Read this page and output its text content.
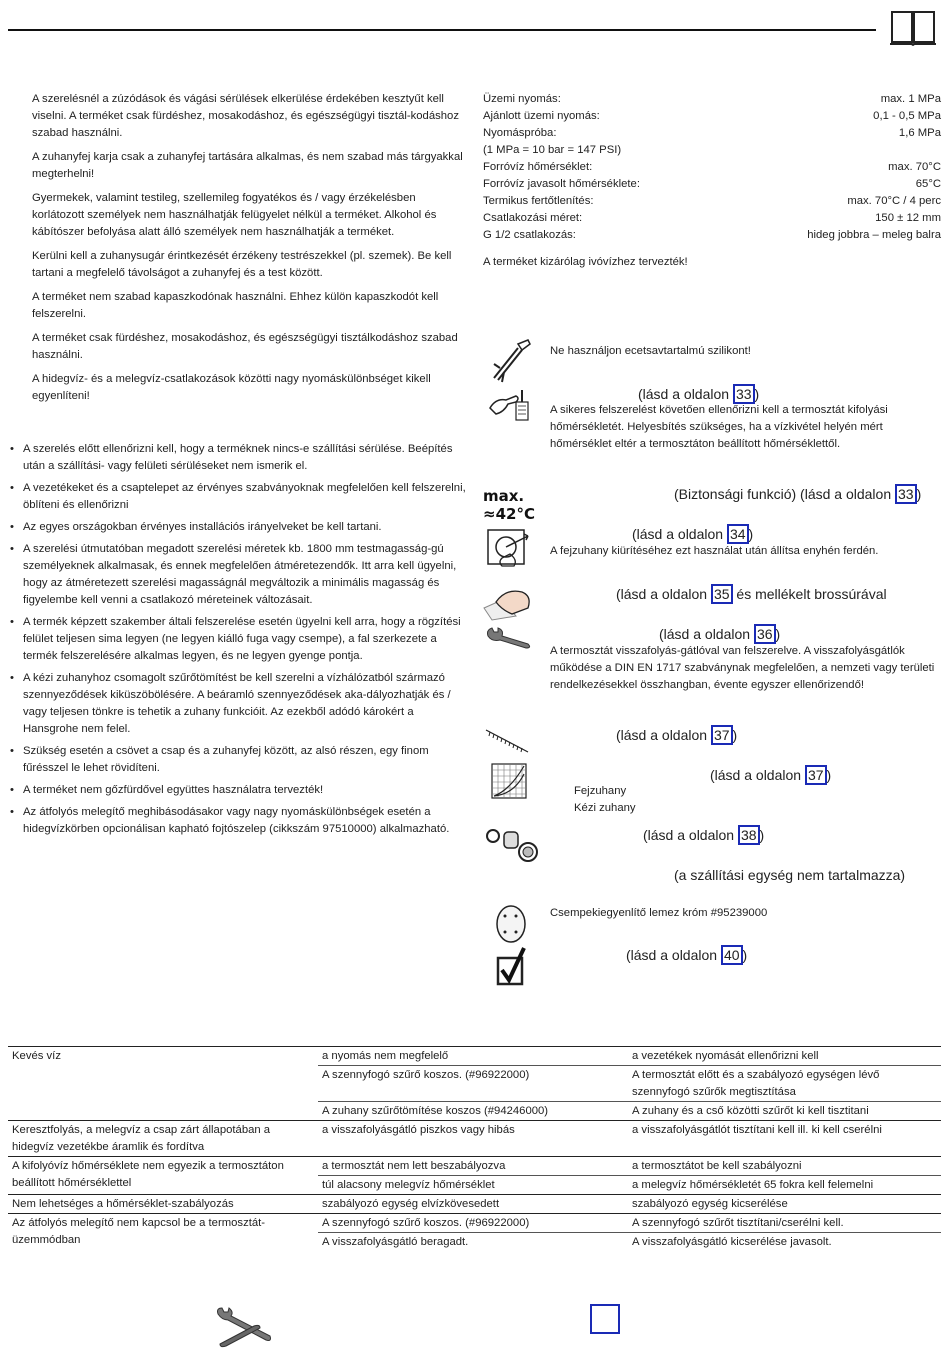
A szerelésnél a zúzódások és vágási sérülések elkerülése érdekében kesztyűt kell viselni. A terméket csak fürdéshez, mosakodáshoz, és egészségügyi tisztál-kodáshoz szabad használni.

A zuhanyfej karja csak a zuhanyfej tartására alkalmas, és nem szabad más tárgyakkal megterhelni!

Gyermekek, valamint testileg, szellemileg fogyatékos és / vagy érzékelésben korlátozott személyek nem használhatják felügyelet nélkül a terméket. Alkohol és kábítószer befolyása alatt álló személyek nem használhatják a terméket.

Kerülni kell a zuhanysugár érintkezését érzékeny testrészekkel (pl. szemek). Be kell tartani a megfelelő távolságot a zuhanyfej és a test között.

A terméket nem szabad kapaszkodónak használni. Ehhez külön kapaszkodót kell felszerelni.

A terméket csak fürdéshez, mosakodáshoz, és egészségügyi tisztálkodáshoz szabad használni.

A hidegvíz- és a melegvíz-csatlakozások közötti nagy nyomáskülönbséget kikell egyenlíteni!

• A szerelés előtt ellenőrizni kell, hogy a terméknek nincs-e szállítási sérülése. Beépítés után a szállítási- vagy felületi sérüléseket nem ismerik el.
• A vezetékeket és a csaptelepet az érvényes szabványoknak megfelelően kell felszerelni, öblíteni és ellenőrizni
• Az egyes országokban érvényes installációs irányelveket be kell tartani.
• A szerelési útmutatóban megadott szerelési méretek kb. 1800 mm testmagasság-gú személyeknek alkalmasak, és ennek megfelelően átméretezendők. Itt arra kell ügyelni, hogy az átméretezett szerelési magasságnál megváltozik a minimális magasság és figyelembe kell venni a csatlakozó méreteinek változásait.
• A termék képzett szakember általi felszerelése esetén ügyelni kell arra, hogy a rögzítési felület teljesen sima legyen (ne legyen kiálló fuga vagy csempe), a fal szerkezete a termék felszerelésére alkalmas legyen, és ne legyen gyenge pontja.
• A kézi zuhanyhoz csomagolt szűrőtömítést be kell szerelni a vízhálózatból származó szennyeződések kiküszöbölésére. A beáramló szennyeződések aka-dályozhatják és / vagy teljesen tönkre is tehetik a zuhany funkcióit. Az ezekből adódó károkért a Hansgrohe nem felel.
• Szükség esetén a csövet a csap és a zuhanyfej között, az alsó részen, egy finom fűrésszel le lehet rövidíteni.
• A terméket nem gőzfürdővel együttes használatra tervezték!
• Az átfolyós melegítő meghibásodásakor vagy nagy nyomáskülönbségek esetén a hidegvízkörben opcionálisan kapható fojtószelep (cikkszám 97510000) alkalmazható.
Üzemi nyomás:	max. 1 MPa
Ajánlott üzemi nyomás:	0,1 - 0,5 MPa
Nyomáspróba:	1,6 MPa
(1 MPa = 10 bar = 147 PSI)
Forróvíz hőmérséklet:	max. 70°C
Forróvíz javasolt hőmérséklete:	65°C
Termikus fertőtlenítés:	max. 70°C / 4 perc
Csatlakozási méret:	150 ± 12 mm
G 1/2 csatlakozás:	hideg jobbra – meleg balra
A terméket kizárólag ivóvízhez tervezték!
max.
≈42°C
Ne használjon ecetsavtartalmú szilikont!
(lásd a oldalon 33 )
A sikeres felszerelést követően ellenőrizni kell a termosztát kifolyási hőmérsékletét. Helyesbítés szükséges, ha a vízkivétel helyén mért hőmérséklet eltér a termosztáton beállított hőmérséklettől.
(Biztonsági funkció) (lásd a oldalon 33 )
(lásd a oldalon 34 )
A fejzuhany kiürítéséhez ezt használat után állítsa enyhén ferdén.
(lásd a oldalon 35 és mellékelt brossúrával
(lásd a oldalon 36 )
A termosztát visszafolyás-gátlóval van felszerelve. A visszafolyásgátlók működése a DIN EN 1717 szabványnak megfelelően, a nemzeti vagy területi rendelkezésekkel összhangban, évente egyszer ellenőrizendő!
(lásd a oldalon 37 )
(lásd a oldalon 37 )
Fejzuhany
Kézi zuhany
(lásd a oldalon 38 )
(a szállítási egység nem tartalmazza)
Csempekiegyenlítő lemez króm #95239000
(lásd a oldalon 40 )
Kevés víz	a nyomás nem megfelelő	a vezetékek nyomását ellenőrizni kell
	A szennyfogó szűrő koszos. (#96922000)	A termosztát előtt és a szabályozó egységen lévő szennyfogó szűrők megtisztítása
	A zuhany szűrőtömítése koszos (#94246000)	A zuhany és a cső közötti szűrőt ki kell tisztitani
Keresztfolyás, a melegvíz a csap zárt állapotában a hidegvíz vezetékbe áramlik és fordítva	a visszafolyásgátló piszkos vagy hibás	a visszafolyásgátlót tisztítani kell ill. ki kell cserélni
A kifolyóvíz hőmérséklete nem egyezik a termosztáton beállított hőmérséklettel	a termosztát nem lett beszabályozva	a termosztátot be kell szabályozni
	túl alacsony melegvíz hőmérséklet	a melegvíz hőmérsékletét 65 fokra kell felemelni
Nem lehetséges a hőmérséklet-szabályozás	szabályozó egység elvízkövesedett	szabályozó egység kicserélése
Az átfolyós melegítő nem kapcsol be a termosztát-üzemmódban	A szennyfogó szűrő koszos. (#96922000)	A szennyfogó szűrőt tisztítani/cserélni kell.
	A visszafolyásgátló beragadt.	A visszafolyásgátló kicserélése javasolt.
